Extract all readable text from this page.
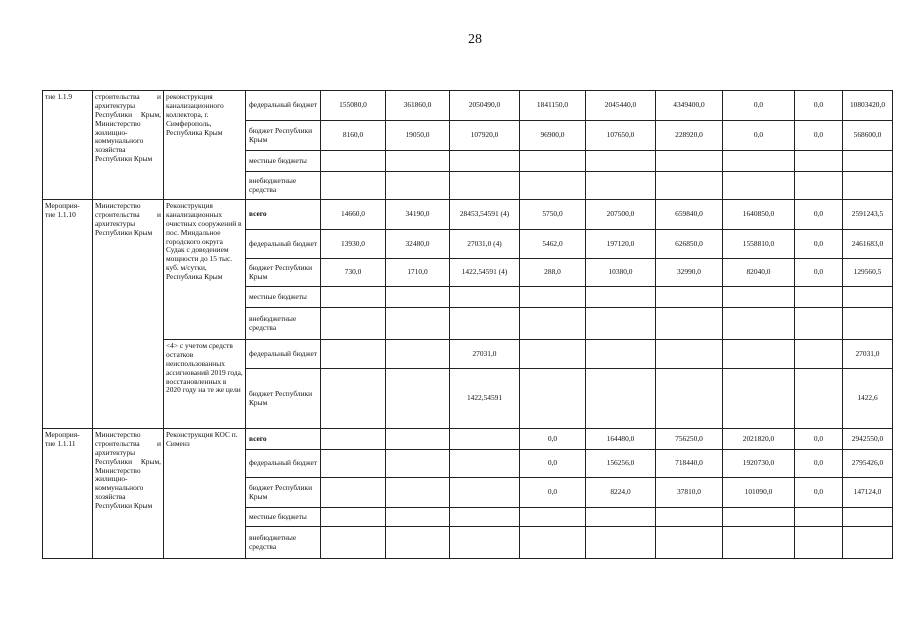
28
тие 1.1.9	строительства и архитектуры Республики Крым, Министерство жилищно-коммунального хозяйства Республики Крым	реконструкция канализационного коллектора, г. Симферополь, Республика Крым	федеральный бюджет	155080,0	361860,0	2050490,0	1841150,0	2045440,0	4349400,0	0,0	0,0	10803420,0
			бюджет Республики Крым	8160,0	19050,0	107920,0	96900,0	107650,0	228920,0	0,0	0,0	568600,0
			местные бюджеты									
			внебюджетные средства									
Мероприя-тие 1.1.10	Министерство строительства и архитектуры Республики Крым	Реконструкция канализационных очистных сооружений в пос. Миндальное городского округа Судак с доведением мощности до 15 тыс. куб. м/сутки, Республика Крым	всего	14660,0	34190,0	28453,54591 (4)	5750,0	207500,0	659840,0	1640850,0	0,0	2591243,5
			федеральный бюджет	13930,0	32480,0	27031,0 (4)	5462,0	197120,0	626850,0	1558810,0	0,0	2461683,0
			бюджет Республики Крым	730,0	1710,0	1422,54591 (4)	288,0	10380,0	32990,0	82040,0	0,0	129560,5
			местные бюджеты									
			внебюджетные средства									
		<4> с учетом средств остатков неиспользованных ассигнований 2019 года, восстановленных в 2020 году на те же цели	федеральный бюджет			27031,0						27031,0
			бюджет Республики Крым			1422,54591						1422,6
Мероприя-тие 1.1.11	Министерство строительства и архитектуры Республики Крым, Министерство жилищно-коммунального хозяйства Республики Крым	Реконструкция КОС п. Сименз	всего				0,0	164480,0	756250,0	2021820,0	0,0	2942550,0
			федеральный бюджет				0,0	156256,0	718440,0	1920730,0	0,0	2795426,0
			бюджет Республики Крым				0,0	8224,0	37810,0	101090,0	0,0	147124,0
			местные бюджеты									
			внебюджетные средства									
